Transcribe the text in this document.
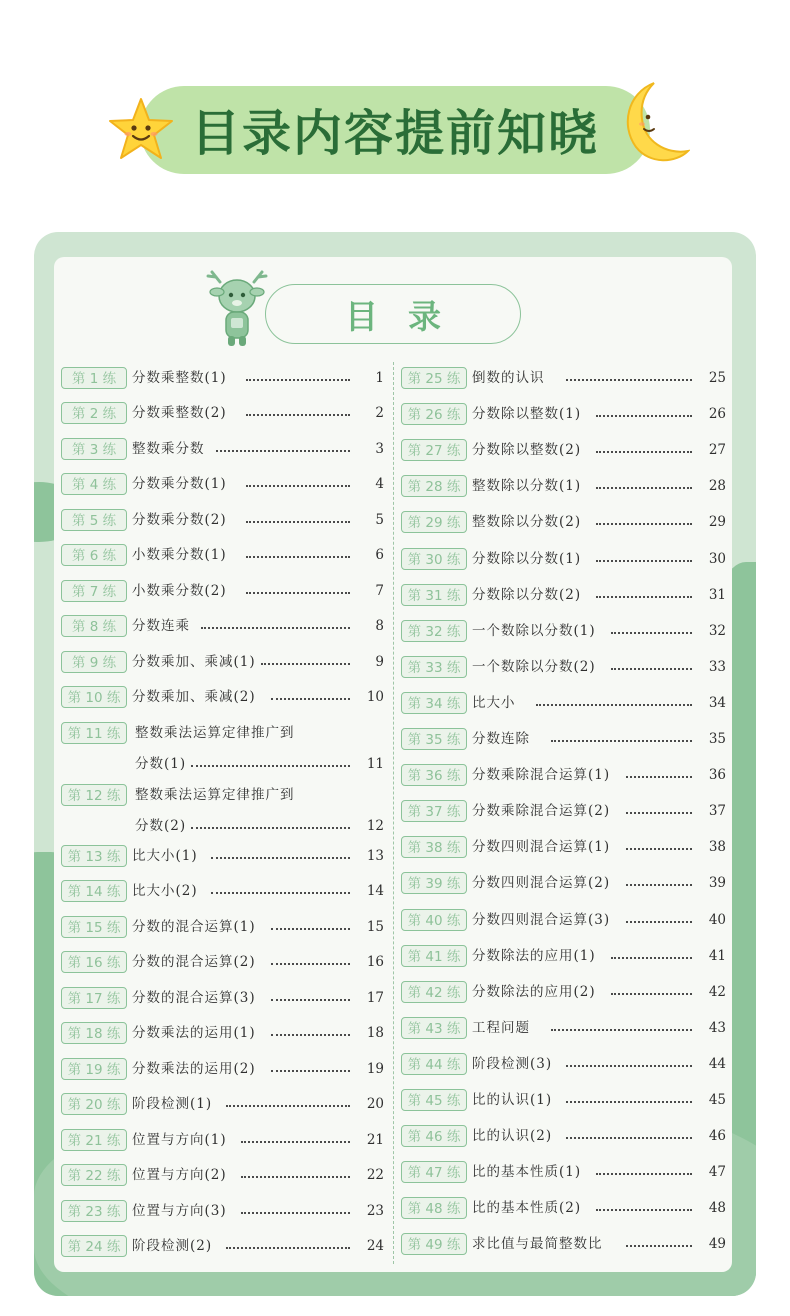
目录内容提前知晓
目录
第 1 练	分数乘整数(1)	1
第 2 练	分数乘整数(2)	2
第 3 练	整数乘分数	3
第 4 练	分数乘分数(1)	4
第 5 练	分数乘分数(2)	5
第 6 练	小数乘分数(1)	6
第 7 练	小数乘分数(2)	7
第 8 练	分数连乘	8
第 9 练	分数乘加、乘减(1)	9
第 10 练 分数乘加、乘减(2)	10
第 11 练	整数乘法运算定律推广到
分数(1)	11
第 12 练	整数乘法运算定律推广到
分数(2)	12
第 13 练 比大小(1)	13
第 14 练 比大小(2)	14
第 15 练 分数的混合运算(1)	15
第 16 练 分数的混合运算(2)	16
第 17 练 分数的混合运算(3)	17
第 18 练 分数乘法的运用(1)	18
第 19 练 分数乘法的运用(2)	19
第 20 练 阶段检测(1)	20
第 21 练 位置与方向(1)	21
第 22 练 位置与方向(2)	22
第 23 练 位置与方向(3)	23
第 24 练 阶段检测(2)	24
第 25 练 倒数的认识	25
第 26 练 分数除以整数(1)	26
第 27 练 分数除以整数(2)	27
第 28 练 整数除以分数(1)	28
第 29 练 整数除以分数(2)	29
第 30 练 分数除以分数(1)	30
第 31 练 分数除以分数(2)	31
第 32 练 一个数除以分数(1)	32
第 33 练 一个数除以分数(2)	33
第 34 练 比大小	34
第 35 练 分数连除	35
第 36 练 分数乘除混合运算(1)	36
第 37 练 分数乘除混合运算(2)	37
第 38 练 分数四则混合运算(1)	38
第 39 练 分数四则混合运算(2)	39
第 40 练 分数四则混合运算(3)	40
第 41 练 分数除法的应用(1)	41
第 42 练 分数除法的应用(2)	42
第 43 练 工程问题	43
第 44 练 阶段检测(3)	44
第 45 练 比的认识(1)	45
第 46 练 比的认识(2)	46
第 47 练 比的基本性质(1)	47
第 48 练 比的基本性质(2)	48
第 49 练 求比值与最简整数比	49
